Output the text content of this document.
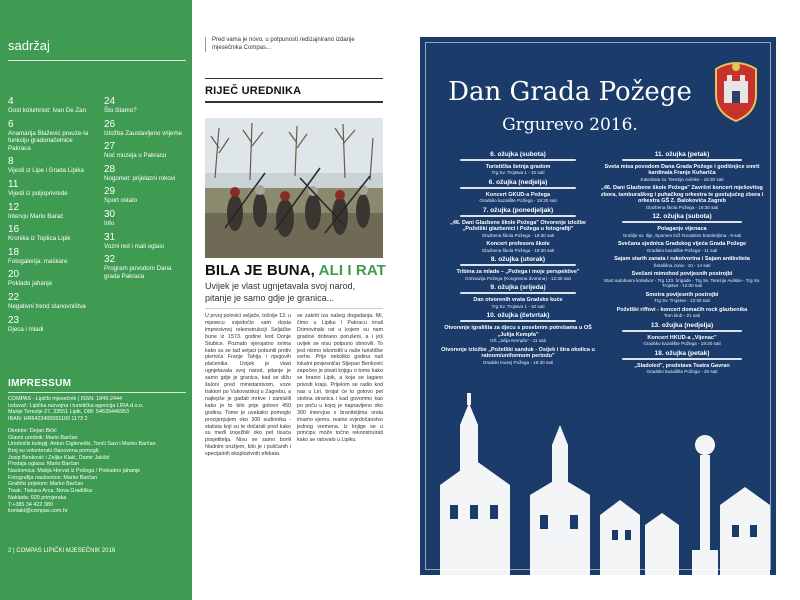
sadržaj
4
Gost kolumnist: Ivan De Zan
6
Anamarija Blažević preuze-la funkciju gradonačelnice Pakraca
8
Vijesti iz Lipe i Grada Lipika
11
Vijesti iz poljoprivrede
12
Intervju Mario Barać
16
Kronika iz Toplica Lipik
18
Fotogalerija: maškare
20
Poklado jahanje
22
Negativni trend stanovništva
23
Djeca i mladi
24
Što čitamo?
26
Izložba Zaustavljeno vrijeme
27
Noć muzeja u Pakracu
28
Nogomet: prijelazni rokovi
29
Sport ostalo
30
Info
31
Vozni red i mali oglasi
32
Program povodom Dana grada Pakraca
IMPRESSUM
COMPAS - Lipički mjesečnik | ISSN: 1849-2444
Izdavač: Lipička razvojna i turistička agencija LIRA d.o.o.
Marije Terezije 27, 33551 Lipik, OIB: 54639446953
IBAN: HR6423400091100 1173 2
Direktor: Dejan Bičić
Glavni urednik: Mario Barčan
Urednički kolegij: Antun Cigleneški, Tonči Savi i Marko Barčan
Broj su volonterski članovima pomogli:
Josip Benković i Željko Klaić, Damir Jakšić
Prodaja oglasa: Mario Barčan
Naslovnica: Matija Horvat iz Požega / Pokladno jahanje
Fotografija naslovnice: Marko Barčan
Grafički prijelom: Marko Barčan
Tisak: Tiskara Arca, Nova Gradiška
Naklada: 600 primjeraka
T:+385 34 422 380
kontakt@compas.com.hr
2 | COMPAS LIPIČKI MJESEČNIK 2016
Pred vama je novo, u potpunosti redizajnirano izdanje mjesečnika Compas...
RIJEČ UREDNIKA
BILA JE BUNA, ALI I RAT
Uvijek je vlast ugnjetavala svoj narod, pitanje je samo gdje je granica...
U prvoj polovici veljače, točnije 13. u mjesecu svjedočio sam dosta impresivnoj rekonstrukciji Seljačke bune iz 1573. godine kod Donje Stubice. Poznato vjerojatno svima kako su se tad seljaci pobunili protiv plemića Franje Tahija i njegovih plaćenika. Uvijek je vlast ugnjetavala svoj narod, pitanje je samo gdje je granica, kad se dižu šaloni pred ministarstvom, voze traktori po Vukovarskoj u Zagrebu, a najlepše je gađati mrkve i zamislili kako je to bilo prije gotovo 450 godina. Tome je uvakako pomoglo procijenjujem oko 300 sudionika - statista koji su te dočarali pred kako su međi izvježbili oko pet tisuća posjetitelja. Nisu se samo borili hladnim oružjem, bilo je i puščanih i specijalnih eksplozivnih efekata.
se zakriti iza našeg dogadanja. Mi, čimo u Lipiku i Pakracu imali Domovinski rat u kojem su nam gradovi dobrano porušeni, a i još uvijek se nisu potpuno obnovili. To jest nismo iskoristili u naše turističke svrhe. Prije nekoliko godina naš lokalni povjesničar Stjepan Benković započeo je pisati knjigu o tome kako se branio Lipik, a koja se lagano privodi kraju. Prijelom se radio kod nas u Liri, brojat će to gotovo pet stotina stranica i kad govorimo kao po priču u kojoj je napravljeno oko 300 intervjua s braniteljima onda imamo vjerno, realno svjedočanstvo jednog vremena. Iz knjige se u principu može točno rekonstruirati kako se ratovalo u Lipiku.
Dan Grada Požege
Grgurevo 2016.
6. ožujka (subota)
Turistička šetnja gradom
Trg Sv. Trojstva 1 - 10 sati
6. ožujka (nedjelja)
Koncert GKUD-a Požega
Gradsko kazalište Požega - 19:30 sati
7. ožujka (ponedjeljak)
„46. Dani Glazbene škole Požega" Otvorenje izložbe „Poželški glazbenici i Požega u fotografiji"
Glazbena škola Požega - 19:30 sati
Koncert profesora škole
Glazbena škola Požega - 19:30 sati
8. ožujka (utorak)
Tribina za mlade – „Požega i moje perspektive"
Gimnazija Požega (Kongresna dvorana) - 12:30 sati
9. ožujka (srijeda)
Dan otvorenih vrata Gradske kuće
Trg Sv. Trojstva 1 - 10 sati
10. ožujka (četvrtak)
Otvorenje igrališta za djecu s posebnim potrebama u OŠ „Julija Kempfa"
OŠ „Julija Kempfa" - 11 sati
Otvorenje izložbe „Poželški sanduk - Osijek i šira okolica u ratnom/uniformom periodu"
Gradski muzej Požega - 18:30 sati
11. ožujka (petak)
Sveta misa povodom Dana Grada Požege i godišnjice smrti kardinala Franje Kuharića
Katedrala sv. Terezije Avilske - 18:30 sati
„46. Dani Glazbene škole Požega" Završni koncert mješovitog zbora, tamburaškog i puhačkog orkestra te gostujućeg zbora i orkestra GŠ Z. Balokovića Zagreb
Glazbena škola Požega - 19:30 sati
12. ožujka (subota)
Polaganje vijenaca
Groblje sv. Ilije, Spomen križ hrvatskim braniteljima - 9 sati
Svečana sjednica Gradskog vijeća Grada Požege
Gradsko kazalište Požega - 11 sati
Sajam starih zanata i rukotvorina i Sajam antikviteta
Šetališna zona - 10 - 14 sati
Svečani mimohod povijesnih postrojbi
Start autobusni kolodvor - Trg 123. brigade - Trg Sv. Terezije Avilske - Trg Sv. Trojstva - 12:00 sati
Smotra povijesnih postrojbi
Trg Sv. Trojstva - 12:30 sati
Poželški riffovi - koncert domaćih rock glazbenika
Tom klub - 21 sati
13. ožujka (nedjelja)
Koncert HKUD-a „Vijenac"
Gradsko kazalište Požega - 19:30 sati
18. ožujka (petak)
„Sladoled", predstava Teatra Gavran
Gradsko kazalište Požega - 20 sati
